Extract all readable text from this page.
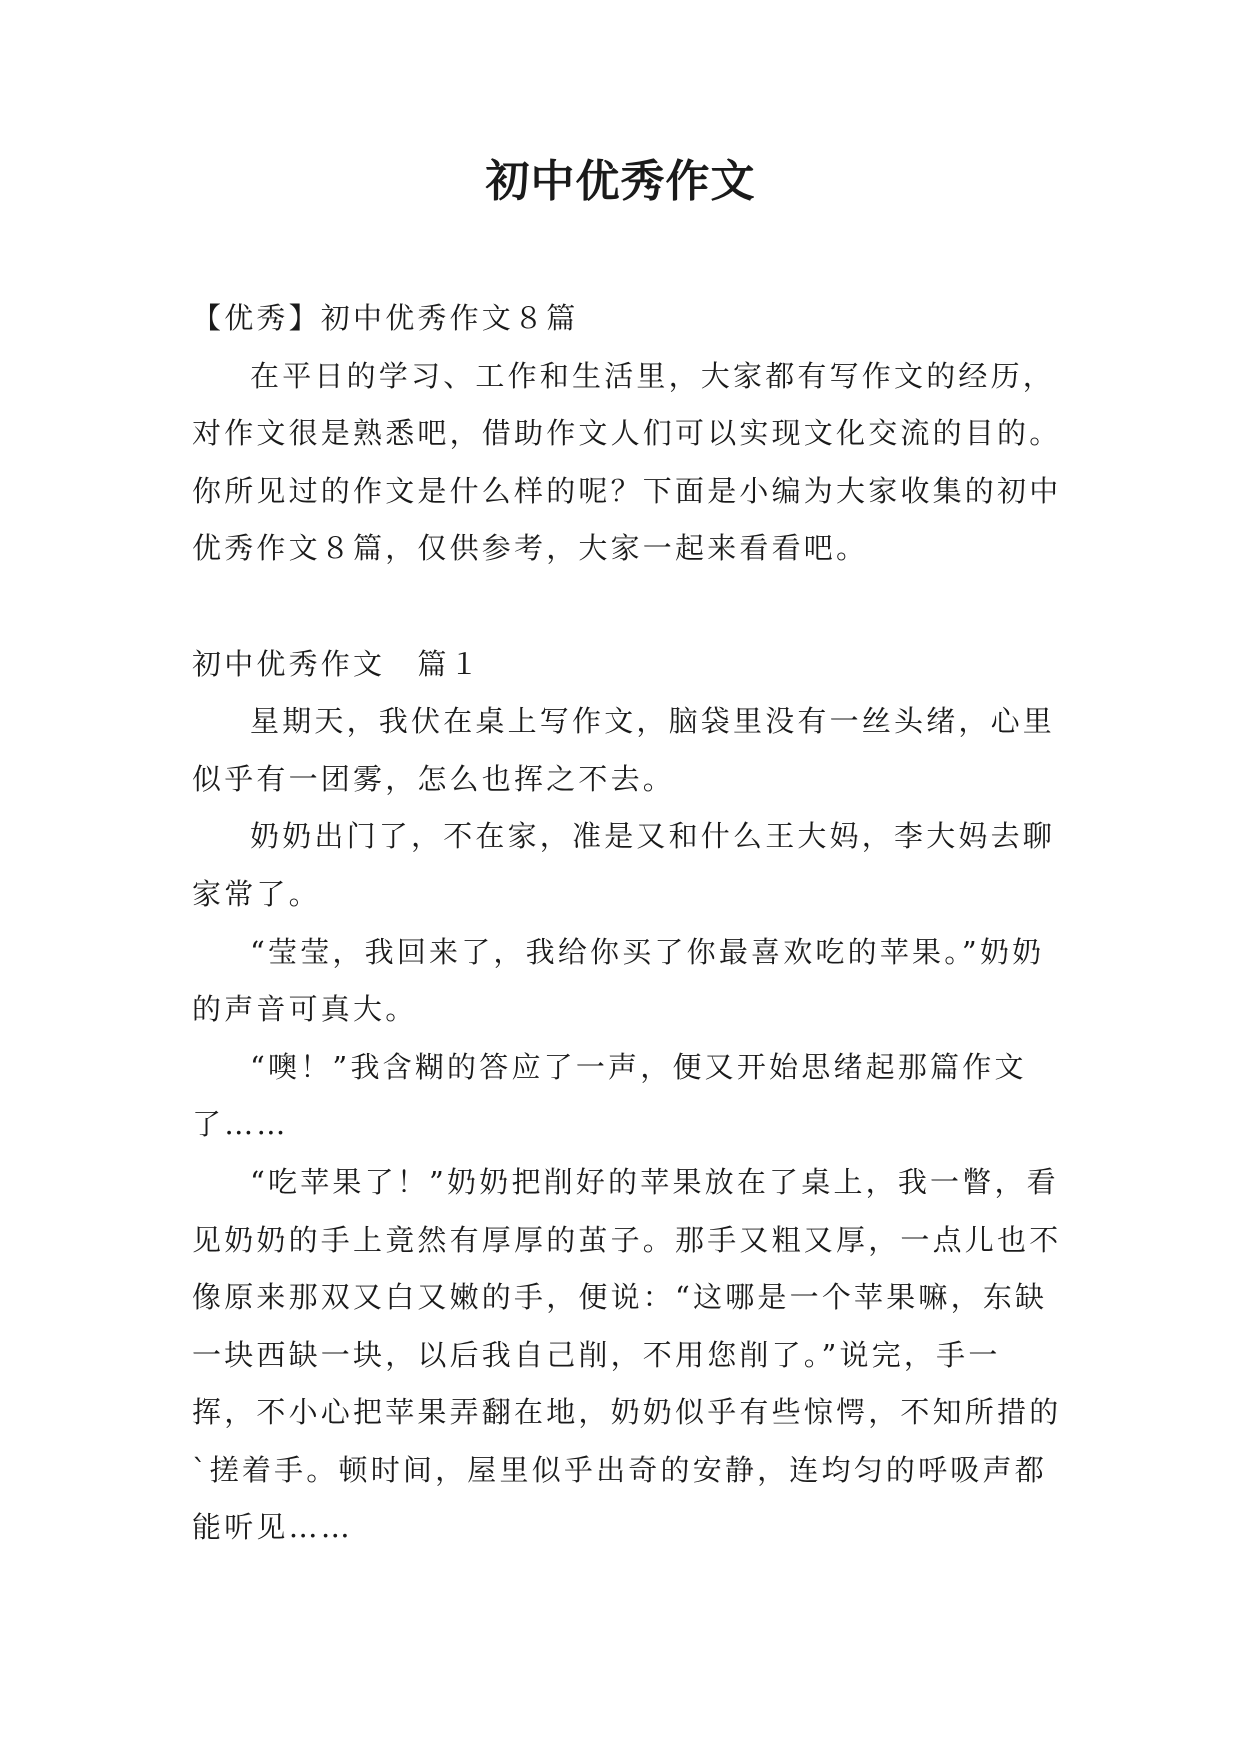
初中优秀作文

【优秀】初中优秀作文８篇

在平日的学习、工作和生活里，大家都有写作文的经历，对作文很是熟悉吧，借助作文人们可以实现文化交流的目的。你所见过的作文是什么样的呢？下面是小编为大家收集的初中优秀作文８篇，仅供参考，大家一起来看看吧。

初中优秀作文　篇１

星期天，我伏在桌上写作文，脑袋里没有一丝头绪，心里似乎有一团雾，怎么也挥之不去。

奶奶出门了，不在家，准是又和什么王大妈，李大妈去聊家常了。

“莹莹，我回来了，我给你买了你最喜欢吃的苹果。”奶奶的声音可真大。

“噢！”我含糊的答应了一声，便又开始思绪起那篇作文了……

“吃苹果了！”奶奶把削好的苹果放在了桌上，我一瞥，看见奶奶的手上竟然有厚厚的茧子。那手又粗又厚，一点儿也不像原来那双又白又嫩的手，便说：“这哪是一个苹果嘛，东缺一块西缺一块，以后我自己削，不用您削了。”说完，手一挥，不小心把苹果弄翻在地，奶奶似乎有些惊愕，不知所措的`搓着手。顿时间，屋里似乎出奇的安静，连均匀的呼吸声都能听见……
